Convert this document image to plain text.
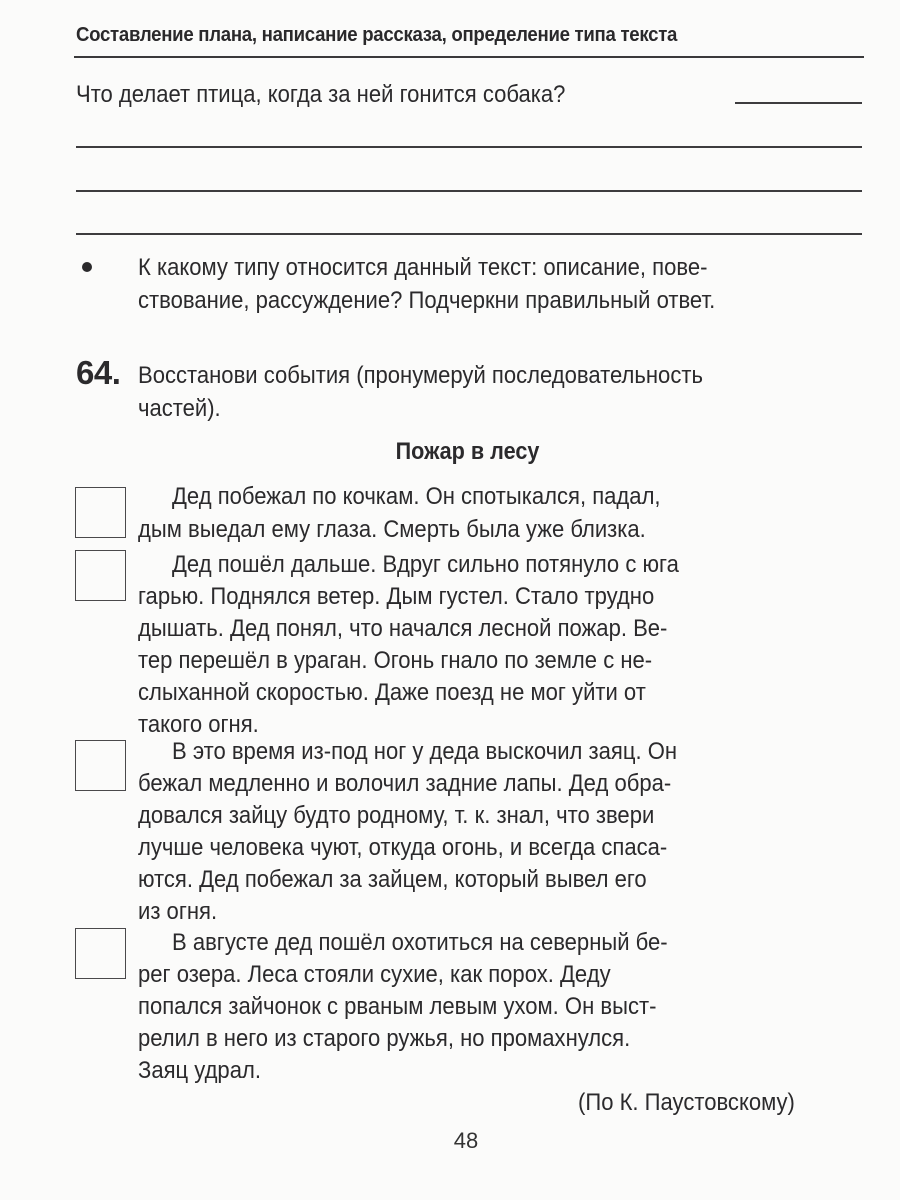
Составление плана, написание рассказа, определение типа текста
Что делает птица, когда за ней гонится собака?
К какому типу относится данный текст: описание, пове-
ствование, рассуждение? Подчеркни правильный ответ.
64. Восстанови события (пронумеруй последовательность
частей).
Пожар в лесу
Дед побежал по кочкам. Он спотыкался, падал,
дым выедал ему глаза. Смерть была уже близка.
Дед пошёл дальше. Вдруг сильно потянуло с юга
гарью. Поднялся ветер. Дым густел. Стало трудно
дышать. Дед понял, что начался лесной пожар. Ве-
тер перешёл в ураган. Огонь гнало по земле с не-
слыханной скоростью. Даже поезд не мог уйти от
такого огня.
В это время из-под ног у деда выскочил заяц. Он
бежал медленно и волочил задние лапы. Дед обра-
довался зайцу будто родному, т. к. знал, что звери
лучше человека чуют, откуда огонь, и всегда спаса-
ются. Дед побежал за зайцем, который вывел его
из огня.
В августе дед пошёл охотиться на северный бе-
рег озера. Леса стояли сухие, как порох. Деду
попался зайчонок с рваным левым ухом. Он выст-
релил в него из старого ружья, но промахнулся.
Заяц удрал.
(По К. Паустовскому)
48
